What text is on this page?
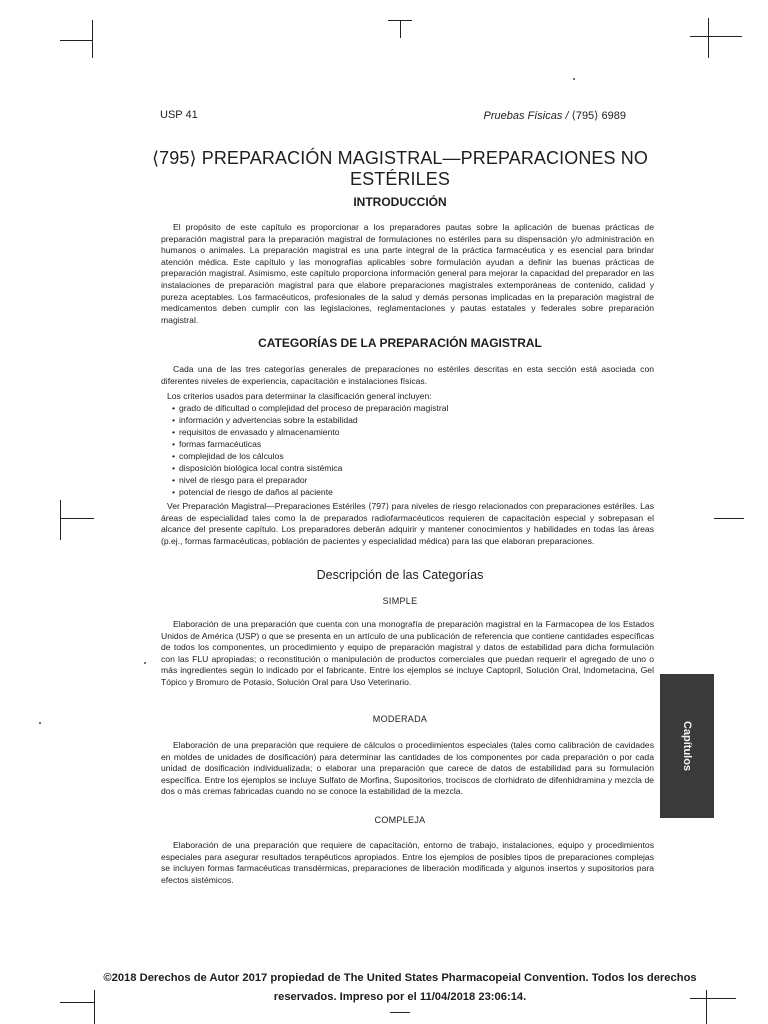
USP 41	Pruebas Físicas / ⟨795⟩ 6989
⟨795⟩ PREPARACIÓN MAGISTRAL—PREPARACIONES NO ESTÉRILES
INTRODUCCIÓN
El propósito de este capítulo es proporcionar a los preparadores pautas sobre la aplicación de buenas prácticas de preparación magistral para la preparación magistral de formulaciones no estériles para su dispensación y/o administración en humanos o animales. La preparación magistral es una parte integral de la práctica farmacéutica y es esencial para brindar atención médica. Este capítulo y las monografías aplicables sobre formulación ayudan a definir las buenas prácticas de preparación magistral. Asimismo, este capítulo proporciona información general para mejorar la capacidad del preparador en las instalaciones de preparación magistral para que elabore preparaciones magistrales extemporáneas de contenido, calidad y pureza aceptables. Los farmacéuticos, profesionales de la salud y demás personas implicadas en la preparación magistral de medicamentos deben cumplir con las legislaciones, reglamentaciones y pautas estatales y federales sobre preparación magistral.
CATEGORÍAS DE LA PREPARACIÓN MAGISTRAL
Cada una de las tres categorías generales de preparaciones no estériles descritas en esta sección está asociada con diferentes niveles de experiencia, capacitación e instalaciones físicas.
Los criterios usados para determinar la clasificación general incluyen:
• grado de dificultad o complejidad del proceso de preparación magistral
• información y advertencias sobre la estabilidad
• requisitos de envasado y almacenamiento
• formas farmacéuticas
• complejidad de los cálculos
• disposición biológica local contra sistémica
• nivel de riesgo para el preparador
• potencial de riesgo de daños al paciente
Ver Preparación Magistral—Preparaciones Estériles ⟨797⟩ para niveles de riesgo relacionados con preparaciones estériles. Las áreas de especialidad tales como la de preparados radiofarmacéuticos requieren de capacitación especial y sobrepasan el alcance del presente capítulo. Los preparadores deberán adquirir y mantener conocimientos y habilidades en todas las áreas (p.ej., formas farmacéuticas, población de pacientes y especialidad médica) para las que elaboran preparaciones.
Descripción de las Categorías
SIMPLE
Elaboración de una preparación que cuenta con una monografía de preparación magistral en la Farmacopea de los Estados Unidos de América (USP) o que se presenta en un artículo de una publicación de referencia que contiene cantidades específicas de todos los componentes, un procedimiento y equipo de preparación magistral y datos de estabilidad para dicha formulación con las FLU apropiadas; o reconstitución o manipulación de productos comerciales que puedan requerir el agregado de uno o más ingredientes según lo indicado por el fabricante. Entre los ejemplos se incluye Captopril, Solución Oral, Indometacina, Gel Tópico y Bromuro de Potasio, Solución Oral para Uso Veterinario.
MODERADA
Elaboración de una preparación que requiere de cálculos o procedimientos especiales (tales como calibración de cavidades en moldes de unidades de dosificación) para determinar las cantidades de los componentes por cada preparación o por cada unidad de dosificación individualizada; o elaborar una preparación que carece de datos de estabilidad para su formulación específica. Entre los ejemplos se incluye Sulfato de Morfina, Supositorios, trociscos de clorhidrato de difenhidramina y mezcla de dos o más cremas fabricadas cuando no se conoce la estabilidad de la mezcla.
COMPLEJA
Elaboración de una preparación que requiere de capacitación, entorno de trabajo, instalaciones, equipo y procedimientos especiales para asegurar resultados terapéuticos apropiados. Entre los ejemplos de posibles tipos de preparaciones complejas se incluyen formas farmacéuticas transdérmicas, preparaciones de liberación modificada y algunos insertos y supositorios para efectos sistémicos.
Capítulos
©2018 Derechos de Autor 2017 propiedad de The United States Pharmacopeial Convention. Todos los derechos
reservados. Impreso por el 11/04/2018 23:06:14.
